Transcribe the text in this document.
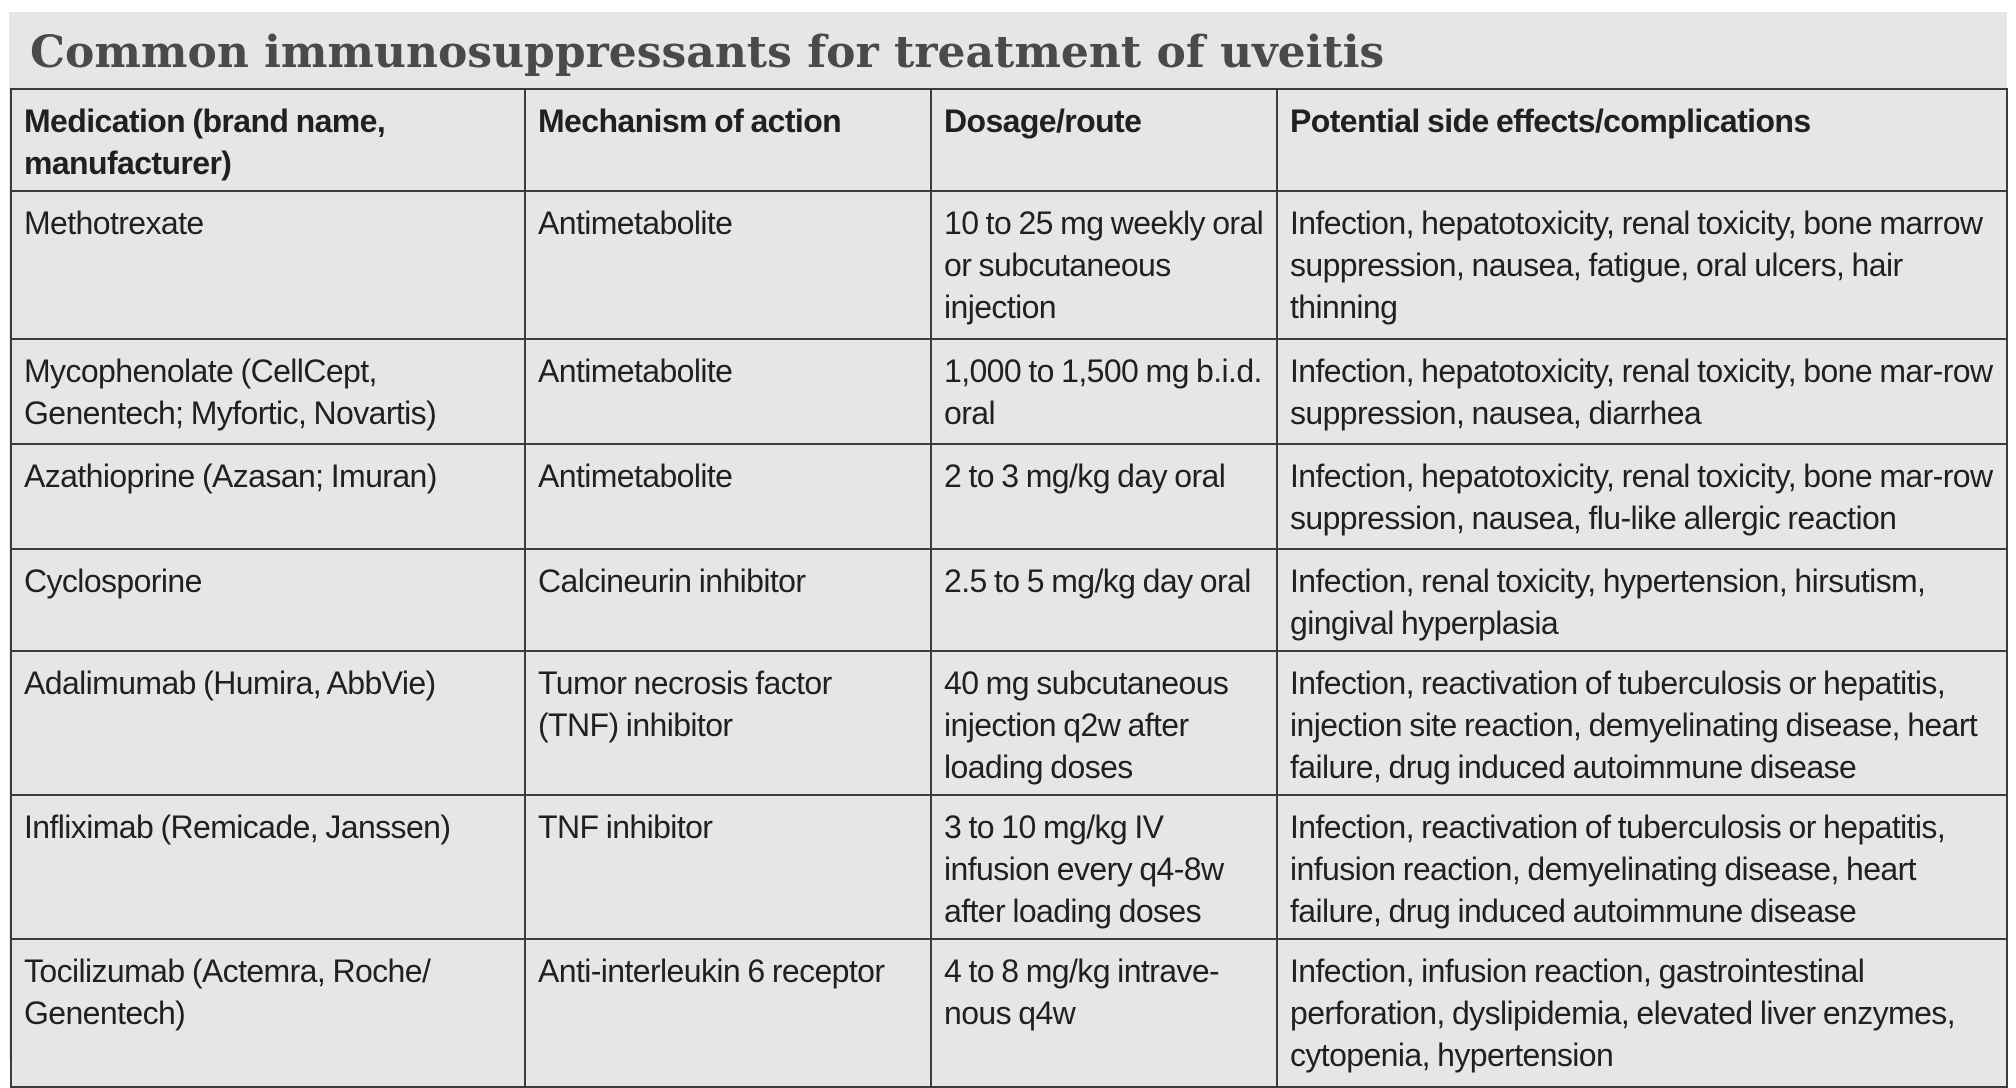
Common immunosuppressants for treatment of uveitis
Medication (brand name, manufacturer)	Mechanism of action	Dosage/route	Potential side effects/complications
Methotrexate	Antimetabolite	10 to 25 mg weekly oral or subcutaneous injection	Infection, hepatotoxicity, renal toxicity, bone marrow suppression, nausea, fatigue, oral ulcers, hair thinning
Mycophenolate (CellCept, Genentech; Myfortic, Novartis)	Antimetabolite	1,000 to 1,500 mg b.i.d. oral	Infection, hepatotoxicity, renal toxicity, bone mar-row suppression, nausea, diarrhea
Azathioprine (Azasan; Imuran)	Antimetabolite	2 to 3 mg/kg day oral	Infection, hepatotoxicity, renal toxicity, bone mar-row suppression, nausea, flu-like allergic reaction
Cyclosporine	Calcineurin inhibitor	2.5 to 5 mg/kg day oral	Infection, renal toxicity, hypertension, hirsutism, gingival hyperplasia
Adalimumab (Humira, AbbVie)	Tumor necrosis factor (TNF) inhibitor	40 mg subcutaneous injection q2w after loading doses	Infection, reactivation of tuberculosis or hepatitis, injection site reaction, demyelinating disease, heart failure, drug induced autoimmune disease
Infliximab (Remicade, Janssen)	TNF inhibitor	3 to 10 mg/kg IV infusion every q4-8w after loading doses	Infection, reactivation of tuberculosis or hepatitis, infusion reaction, demyelinating disease, heart failure, drug induced autoimmune disease
Tocilizumab (Actemra, Roche/ Genentech)	Anti-interleukin 6 receptor	4 to 8 mg/kg intrave-nous q4w	Infection, infusion reaction, gastrointestinal perforation, dyslipidemia, elevated liver enzymes, cytopenia, hypertension
